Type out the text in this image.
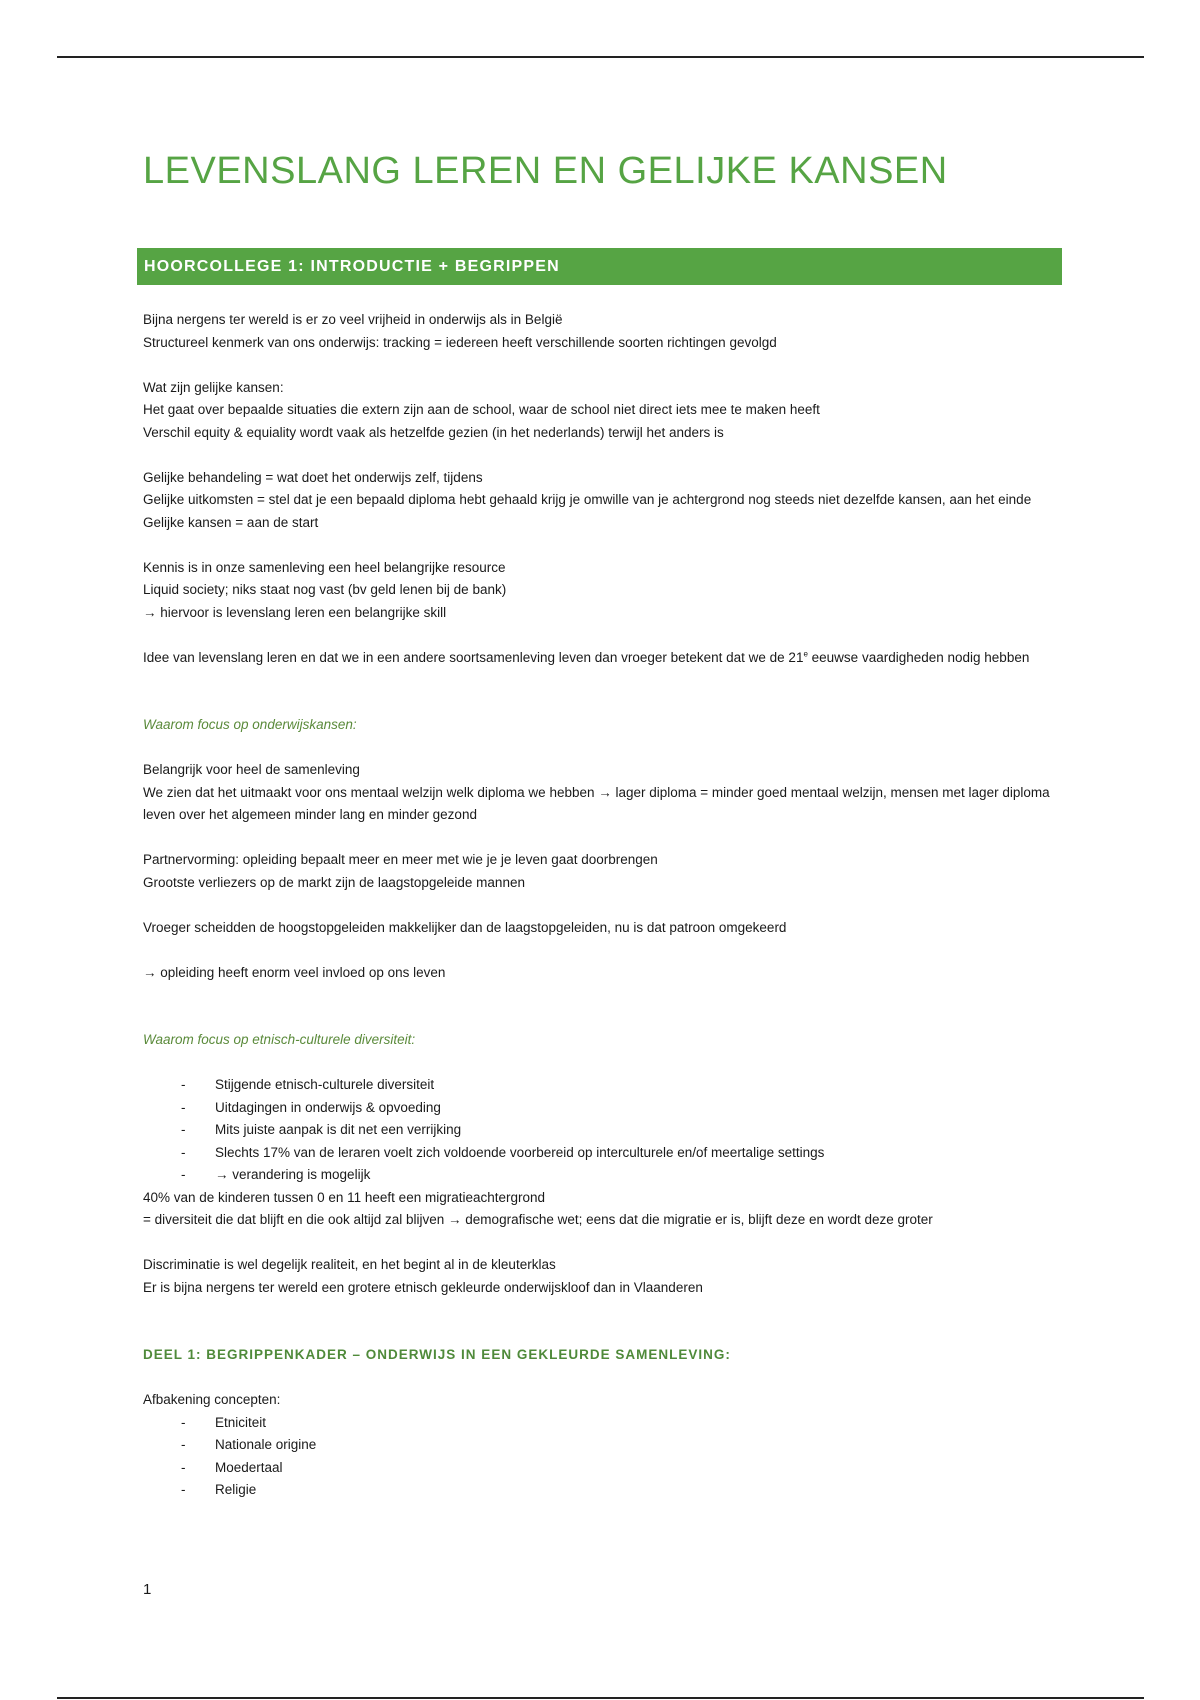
LEVENSLANG LEREN EN GELIJKE KANSEN
HOORCOLLEGE 1: INTRODUCTIE + BEGRIPPEN

Bijna nergens ter wereld is er zo veel vrijheid in onderwijs als in België

Structureel kenmerk van ons onderwijs: tracking = iedereen heeft verschillende soorten richtingen gevolgd

Wat zijn gelijke kansen:

Het gaat over bepaalde situaties die extern zijn aan de school, waar de school niet direct iets mee te maken heeft

Verschil equity & equiality wordt vaak als hetzelfde gezien (in het nederlands) terwijl het anders is

Gelijke behandeling = wat doet het onderwijs zelf, tijdens

Gelijke uitkomsten = stel dat je een bepaald diploma hebt gehaald krijg je omwille van je achtergrond nog steeds niet dezelfde kansen, aan het einde

Gelijke kansen = aan de start

Kennis is in onze samenleving een heel belangrijke resource

Liquid society; niks staat nog vast (bv geld lenen bij de bank)

→ hiervoor is levenslang leren een belangrijke skill

Idee van levenslang leren en dat we in een andere soortsamenleving leven dan vroeger betekent dat we de 21e eeuwse vaardigheden nodig hebben

Waarom focus op onderwijskansen:

Belangrijk voor heel de samenleving

We zien dat het uitmaakt voor ons mentaal welzijn welk diploma we hebben → lager diploma = minder goed mentaal welzijn, mensen met lager diploma leven over het algemeen minder lang en minder gezond

Partnervorming: opleiding bepaalt meer en meer met wie je je leven gaat doorbrengen

Grootste verliezers op de markt zijn de laagstopgeleide mannen

Vroeger scheidden de hoogstopgeleiden makkelijker dan de laagstopgeleiden, nu is dat patroon omgekeerd

→ opleiding heeft enorm veel invloed op ons leven

Waarom focus op etnisch-culturele diversiteit:

- Stijgende etnisch-culturele diversiteit
- Uitdagingen in onderwijs & opvoeding
- Mits juiste aanpak is dit net een verrijking
- Slechts 17% van de leraren voelt zich voldoende voorbereid op interculturele en/of meertalige settings
- → verandering is mogelijk

40% van de kinderen tussen 0 en 11 heeft een migratieachtergrond

= diversiteit die dat blijft en die ook altijd zal blijven → demografische wet; eens dat die migratie er is, blijft deze en wordt deze groter

Discriminatie is wel degelijk realiteit, en het begint al in de kleuterklas

Er is bijna nergens ter wereld een grotere etnisch gekleurde onderwijskloof dan in Vlaanderen

DEEL 1: BEGRIPPENKADER – ONDERWIJS IN EEN GEKLEURDE SAMENLEVING:

Afbakening concepten:

- Etniciteit
- Nationale origine
- Moedertaal
- Religie
1
